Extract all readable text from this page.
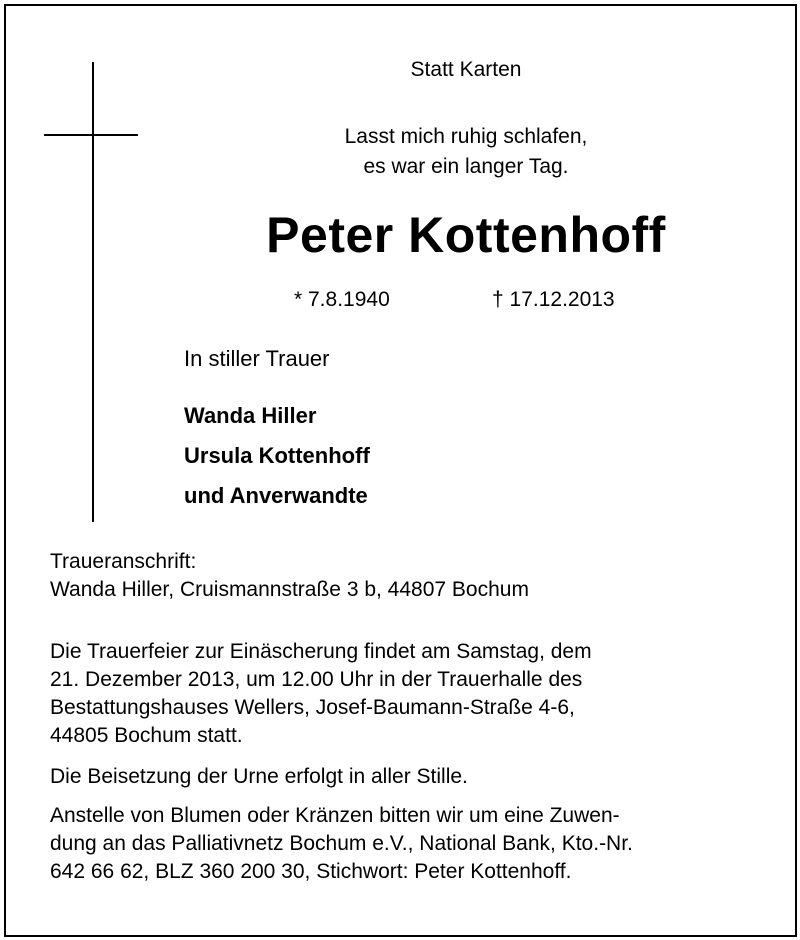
Statt Karten
Lasst mich ruhig schlafen,
es war ein langer Tag.
Peter Kottenhoff
* 7.8.1940	† 17.12.2013
In stiller Trauer
Wanda Hiller
Ursula Kottenhoff
und Anverwandte
Traueranschrift:
Wanda Hiller, Cruismannstraße 3 b, 44807 Bochum
Die Trauerfeier zur Einäscherung findet am Samstag, dem
21. Dezember 2013, um 12.00 Uhr in der Trauerhalle des
Bestattungshauses Wellers, Josef-Baumann-Straße 4-6,
44805 Bochum statt.
Die Beisetzung der Urne erfolgt in aller Stille.
Anstelle von Blumen oder Kränzen bitten wir um eine Zuwen-
dung an das Palliativnetz Bochum e.V., National Bank, Kto.-Nr.
642 66 62, BLZ 360 200 30, Stichwort: Peter Kottenhoff.
